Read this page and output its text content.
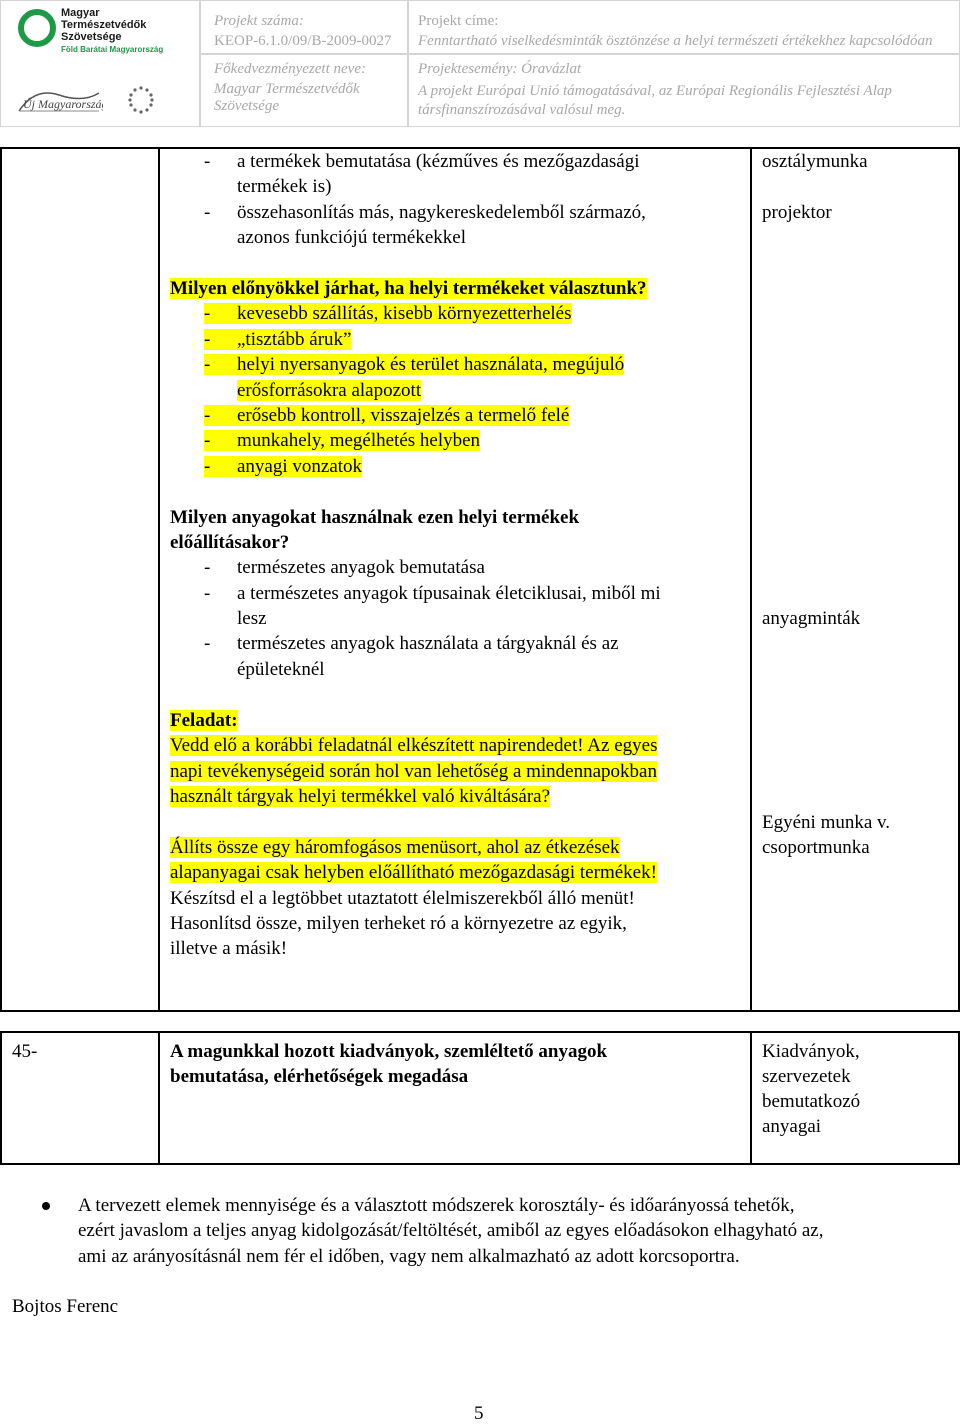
Magyar
Természetvédők
Szövetsége
Föld Barátai Magyarország
Új Magyarország
Projekt száma:
KEOP-6.1.0/09/B-2009-0027
Főkedvezményezett neve:
Magyar Természetvédők
Szövetsége
Projekt címe:
Fenntartható viselkedésminták ösztönzése a helyi természeti értékekhez kapcsolódóan
Projektesemény: Óravázlat
A projekt Európai Unió támogatásával, az Európai Regionális Fejlesztési Alap
társfinanszírozásával valósul meg.
- a termékek bemutatása (kézműves és mezőgazdasági
termékek is)
- összehasonlítás más, nagykereskedelemből származó,
azonos funkciójú termékekkel
Milyen előnyökkel járhat, ha helyi termékeket választunk?
- kevesebb szállítás, kisebb környezetterhelés
- „tisztább áruk”
- helyi nyersanyagok és terület használata, megújuló
erősforrásokra alapozott
- erősebb kontroll, visszajelzés a termelő felé
- munkahely, megélhetés helyben
- anyagi vonzatok
Milyen anyagokat használnak ezen helyi termékek
előállításakor?
- természetes anyagok bemutatása
- a természetes anyagok típusainak életciklusai, miből mi
lesz
- természetes anyagok használata a tárgyaknál és az
épületeknél
Feladat:
Vedd elő a korábbi feladatnál elkészített napirendedet! Az egyes
napi tevékenységeid során hol van lehetőség a mindennapokban
használt tárgyak helyi termékkel való kiváltására?
Állíts össze egy háromfogásos menüsort, ahol az étkezések
alapanyagai csak helyben előállítható mezőgazdasági termékek!
Készítsd el a legtöbbet utaztatott élelmiszerekből álló menüt!
Hasonlítsd össze, milyen terheket ró a környezetre az egyik,
illetve a másik!
osztálymunka
projektor
anyagminták
Egyéni munka v.
csoportmunka
45-	A magunkkal hozott kiadványok, szemléltető anyagok
bemutatása, elérhetőségek megadása
Kiadványok,
szervezetek
bemutatkozó
anyagai
A tervezett elemek mennyisége és a választott módszerek korosztály- és időarányossá tehetők,
ezért javaslom a teljes anyag kidolgozását/feltöltését, amiből az egyes előadásokon elhagyható az,
ami az arányosításnál nem fér el időben, vagy nem alkalmazható az adott korcsoportra.
Bojtos Ferenc
5
